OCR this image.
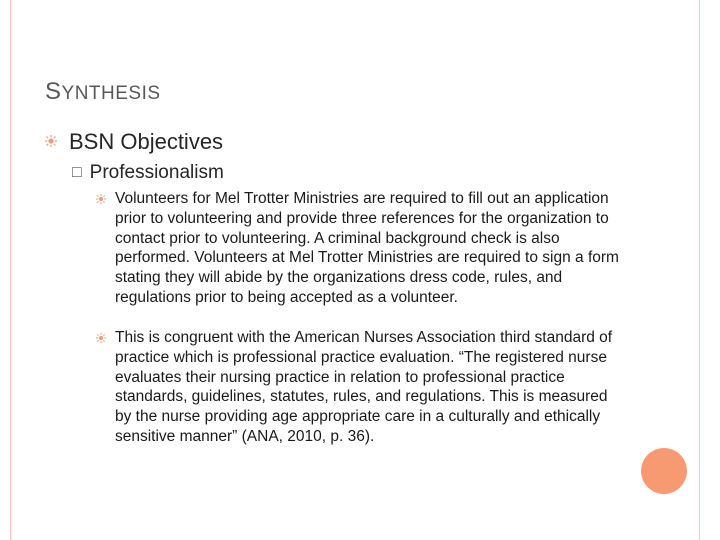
SYNTHESIS
BSN Objectives
□ Professionalism
Volunteers for Mel Trotter Ministries are required to fill out an application prior to volunteering and provide three references for the organization to contact prior to volunteering. A criminal background check is also performed. Volunteers at Mel Trotter Ministries are required to sign a form stating they will abide by the organizations dress code, rules, and regulations prior to being accepted as a volunteer.
This is congruent with the American Nurses Association third standard of practice which is professional practice evaluation. “The registered nurse evaluates their nursing practice in relation to professional practice standards, guidelines, statutes, rules, and regulations. This is measured by the nurse providing age appropriate care in a culturally and ethically sensitive manner” (ANA, 2010, p. 36).
